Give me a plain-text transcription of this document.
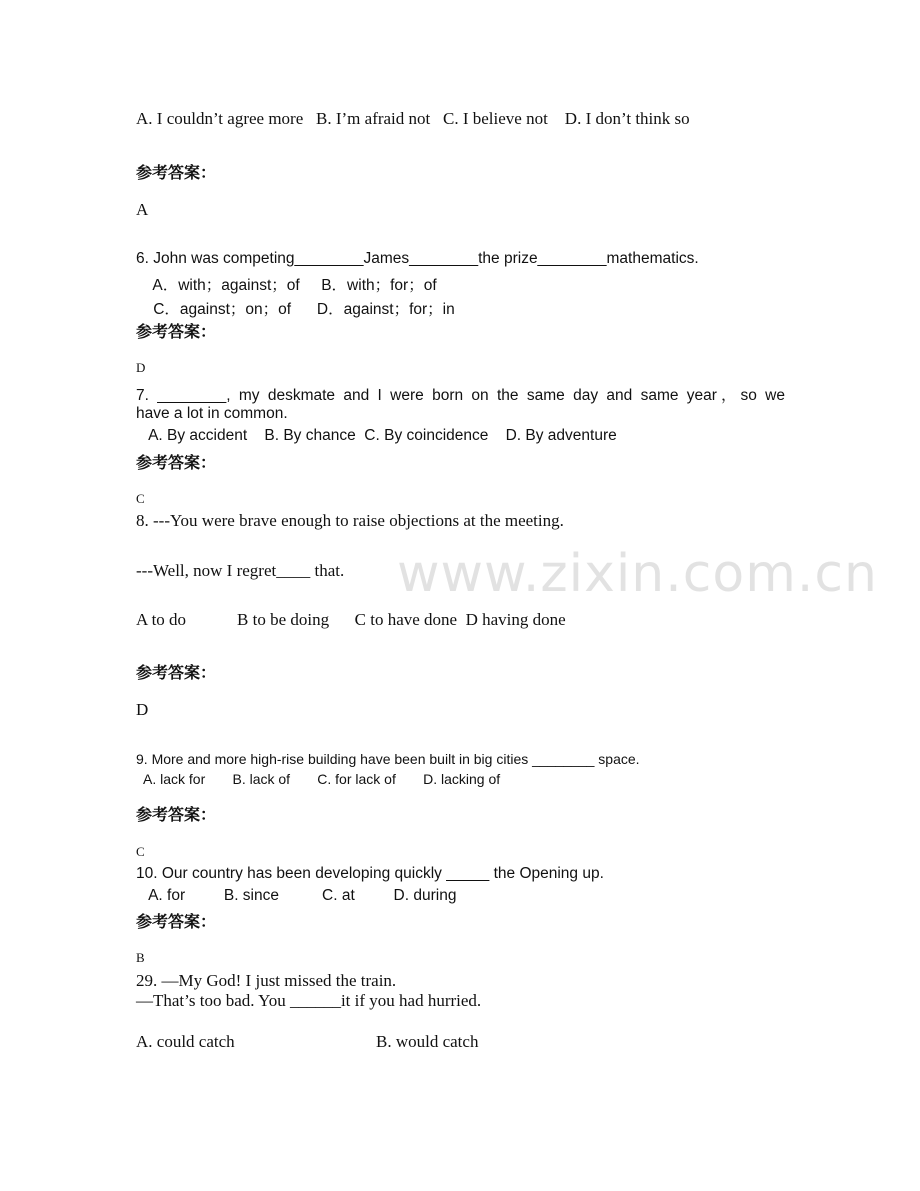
A. I couldn’t agree more   B. I’m afraid not   C. I believe not    D. I don’t think so

参考答案：

A

6. John was competing________James________the prize________mathematics.

A．with；against；of     B．with；for；of

C．against；on；of      D．against；for；in

参考答案：

D

7. ________, my deskmate and I were born on the same day and same year，so we

have a lot in common.

A. By accident    B. By chance  C. By coincidence    D. By adventure

参考答案：

C

8. ---You were brave enough to raise objections at the meeting.

---Well, now I regret____ that.

A to do            B to be doing      C to have done  D having done

参考答案：

D

9. More and more high-rise building have been built in big cities ________ space.

A. lack for       B. lack of       C. for lack of       D. lacking of

参考答案：

C

10. Our country has been developing quickly _____ the Opening up.

A. for         B. since          C. at         D. during

参考答案：

B

29. —My God! I just missed the train.

—That’s too bad. You ______it if you had hurried.

A. could catch	B. would catch

www.zixin.com.cn
